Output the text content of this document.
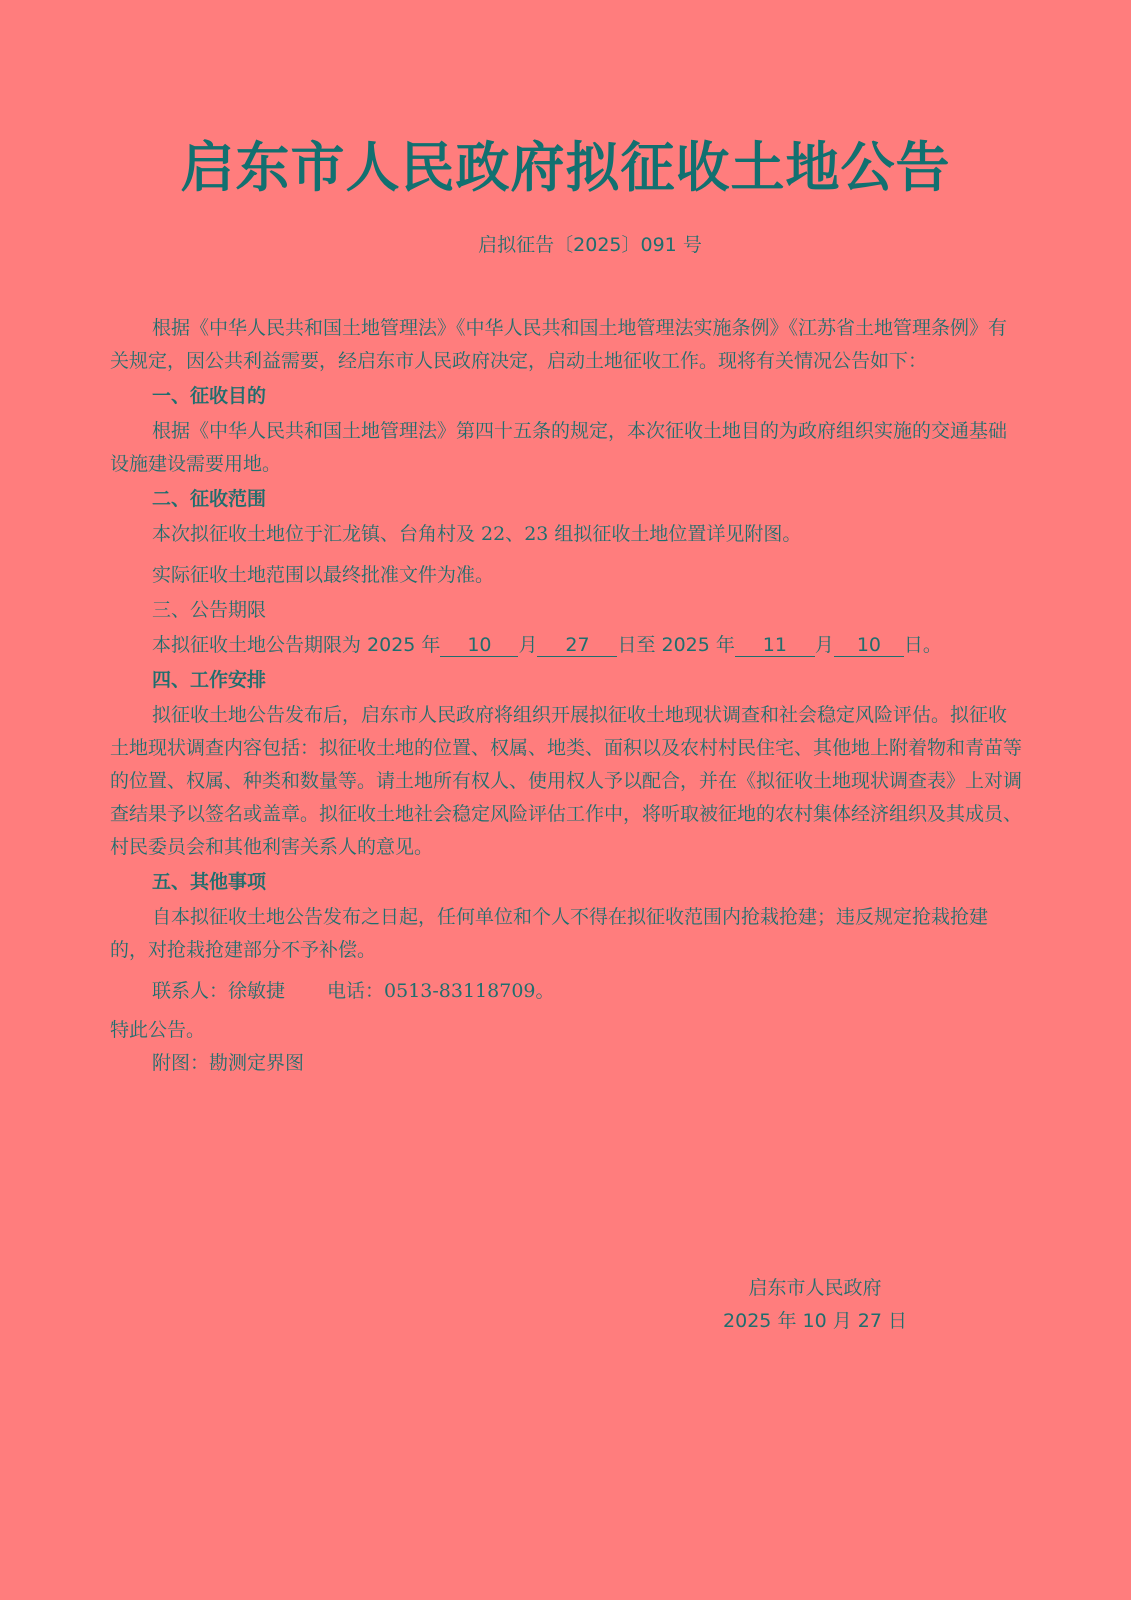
启东市人民政府拟征收土地公告
启拟征告〔2025〕091 号

根据《中华人民共和国土地管理法》《中华人民共和国土地管理法实施条例》《江苏省土地管理条例》有关规定，因公共利益需要，经启东市人民政府决定，启动土地征收工作。现将有关情况公告如下：

一、征收目的

根据《中华人民共和国土地管理法》第四十五条的规定，本次征收土地目的为政府组织实施的交通基础设施建设需要用地。

二、征收范围

本次拟征收土地位于汇龙镇、台角村及 22、23 组拟征收土地位置详见附图。

实际征收土地范围以最终批准文件为准。

三、公告期限

本拟征收土地公告期限为 2025 年 10 月 27 日至 2025 年 11 月 10 日。

四、工作安排

拟征收土地公告发布后，启东市人民政府将组织开展拟征收土地现状调查和社会稳定风险评估。拟征收土地现状调查内容包括：拟征收土地的位置、权属、地类、面积以及农村村民住宅、其他地上附着物和青苗等的位置、权属、种类和数量等。请土地所有权人、使用权人予以配合，并在《拟征收土地现状调查表》上对调查结果予以签名或盖章。拟征收土地社会稳定风险评估工作中，将听取被征地的农村集体经济组织及其成员、村民委员会和其他利害关系人的意见。

五、其他事项

自本拟征收土地公告发布之日起，任何单位和个人不得在拟征收范围内抢栽抢建；违反规定抢栽抢建的，对抢栽抢建部分不予补偿。

联系人：徐敏捷 电话：0513-83118709。

特此公告。

附图：勘测定界图

启东市人民政府
2025 年 10 月 27 日
